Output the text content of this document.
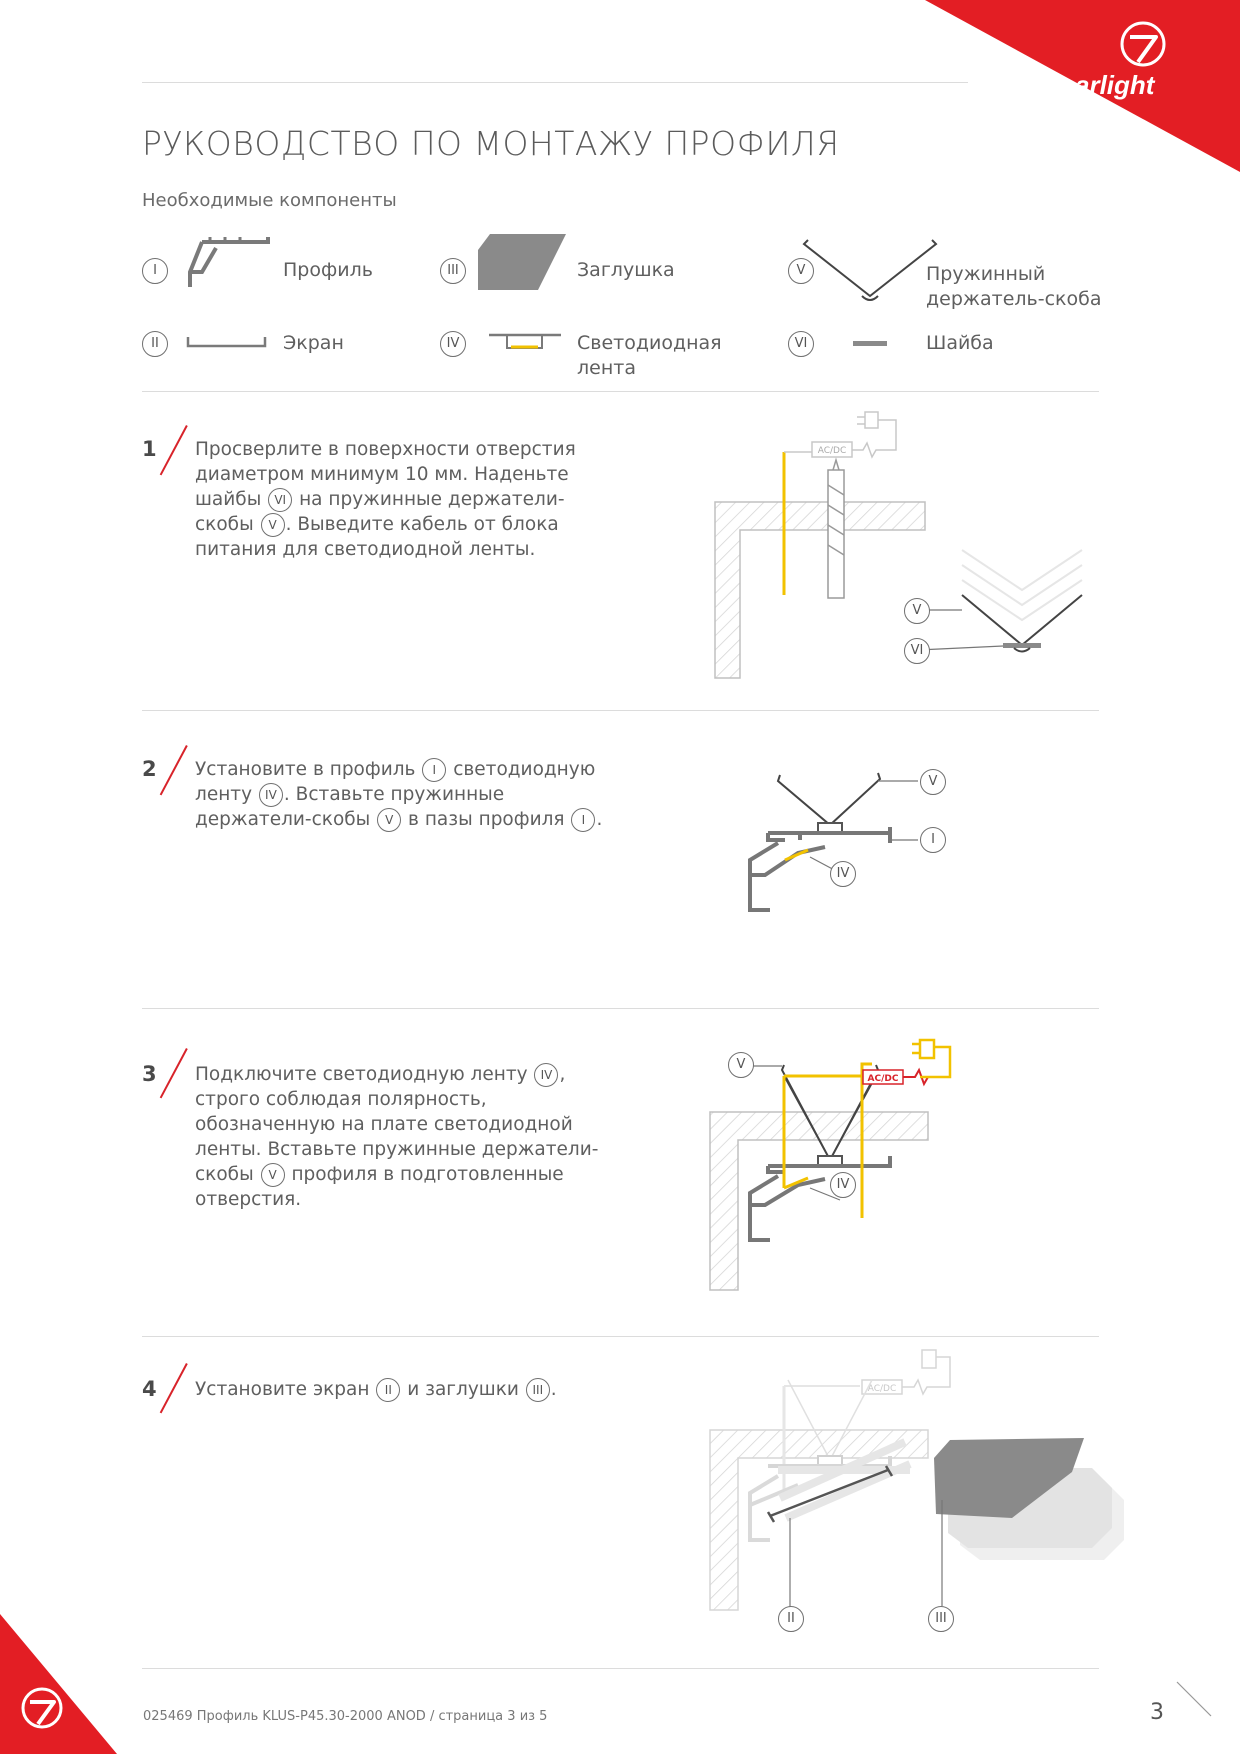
arlight
РУКОВОДСТВО ПО МОНТАЖУ ПРОФИЛЯ
Необходимые компоненты
I	Профиль
II	Экран
III	Заглушка
IV	Светодиодная лента
V	Пружинный держатель-скоба
VI	Шайба
1 Просверлите в поверхности отверстия диаметром минимум 10 мм. Наденьте шайбы VI на пружинные держатели-скобы V . Выведите кабель от блока питания для светодиодной ленты.
AC/DC
V
VI
2 Установите в профиль I светодиодную ленту IV . Вставьте пружинные держатели-скобы V в пазы профиля I .
V
I
IV
3 Подключите светодиодную ленту IV , строго соблюдая полярность, обозначенную на плате светодиодной ленты. Вставьте пружинные держатели-скобы V профиля в подготовленные отверстия.
AC/DC
V
IV
4 Установите экран II и заглушки III .	AC/DC
II	III
025469 Профиль KLUS-P45.30-2000 ANOD / страница 3 из 5	3
